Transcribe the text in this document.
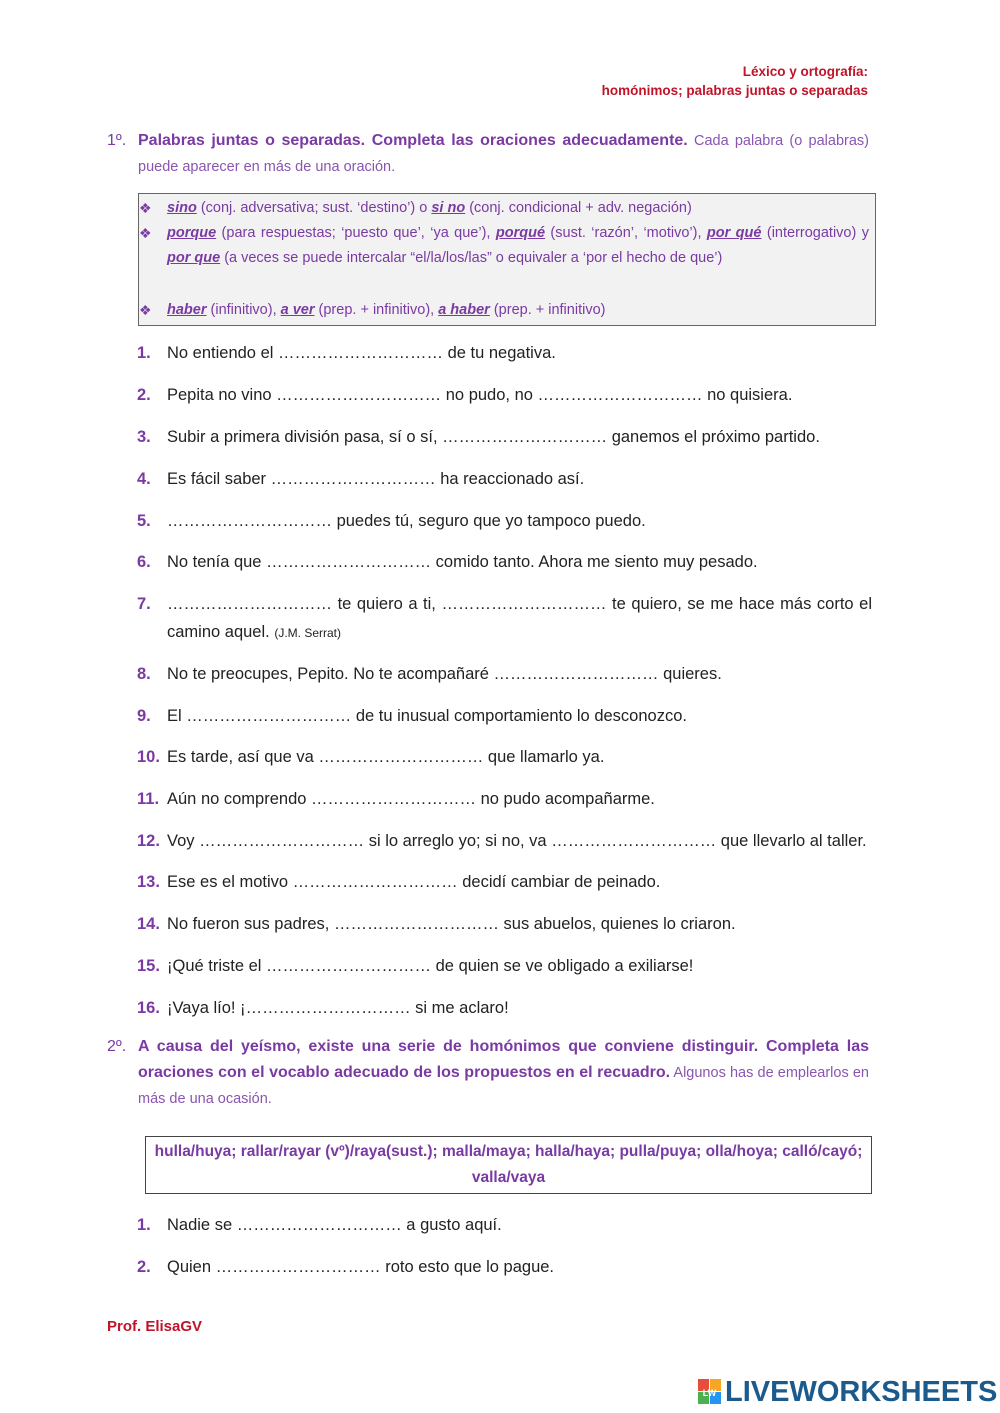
Léxico y ortografía:
homónimos; palabras juntas o separadas
1º. Palabras juntas o separadas. Completa las oraciones adecuadamente. Cada palabra (o palabras) puede aparecer en más de una oración.
❖ sino (conj. adversativa; sust. ‘destino’) o si no (conj. condicional + adv. negación)
❖ porque (para respuestas; ‘puesto que’, ‘ya que’), porqué (sust. ‘razón’, ‘motivo’), por qué (interrogativo) y por que (a veces se puede intercalar “el/la/los/las” o equivaler a ‘por el hecho de que’)
❖ haber (infinitivo), a ver (prep. + infinitivo), a haber (prep. + infinitivo)
1. No entiendo el ………………………… de tu negativa.
2. Pepita no vino ………………………… no pudo, no ………………………… no quisiera.
3. Subir a primera división pasa, sí o sí, ………………………… ganemos el próximo partido.
4. Es fácil saber ………………………… ha reaccionado así.
5. ………………………… puedes tú, seguro que yo tampoco puedo.
6. No tenía que ………………………… comido tanto. Ahora me siento muy pesado.
7. ………………………… te quiero a ti, ………………………… te quiero, se me hace más corto el camino aquel. (J.M. Serrat)
8. No te preocupes, Pepito. No te acompañaré ………………………… quieres.
9. El ………………………… de tu inusual comportamiento lo desconozco.
10. Es tarde, así que va ………………………… que llamarlo ya.
11. Aún no comprendo ………………………… no pudo acompañarme.
12. Voy ………………………… si lo arreglo yo; si no, va ………………………… que llevarlo al taller.
13. Ese es el motivo ………………………… decidí cambiar de peinado.
14. No fueron sus padres, ………………………… sus abuelos, quienes lo criaron.
15. ¡Qué triste el ………………………… de quien se ve obligado a exiliarse!
16. ¡Vaya lío! ¡………………………… si me aclaro!
2º. A causa del yeísmo, existe una serie de homónimos que conviene distinguir. Completa las oraciones con el vocablo adecuado de los propuestos en el recuadro. Algunos has de emplearlos en más de una ocasión.
hulla/huya; rallar/rayar (vº)/raya(sust.); malla/maya; halla/haya; pulla/puya; olla/hoya; calló/cayó; valla/vaya
1. Nadie se ………………………… a gusto aquí.
2. Quien ………………………… roto esto que lo pague.
Prof. ElisaGV
LW LIVEWORKSHEETS
